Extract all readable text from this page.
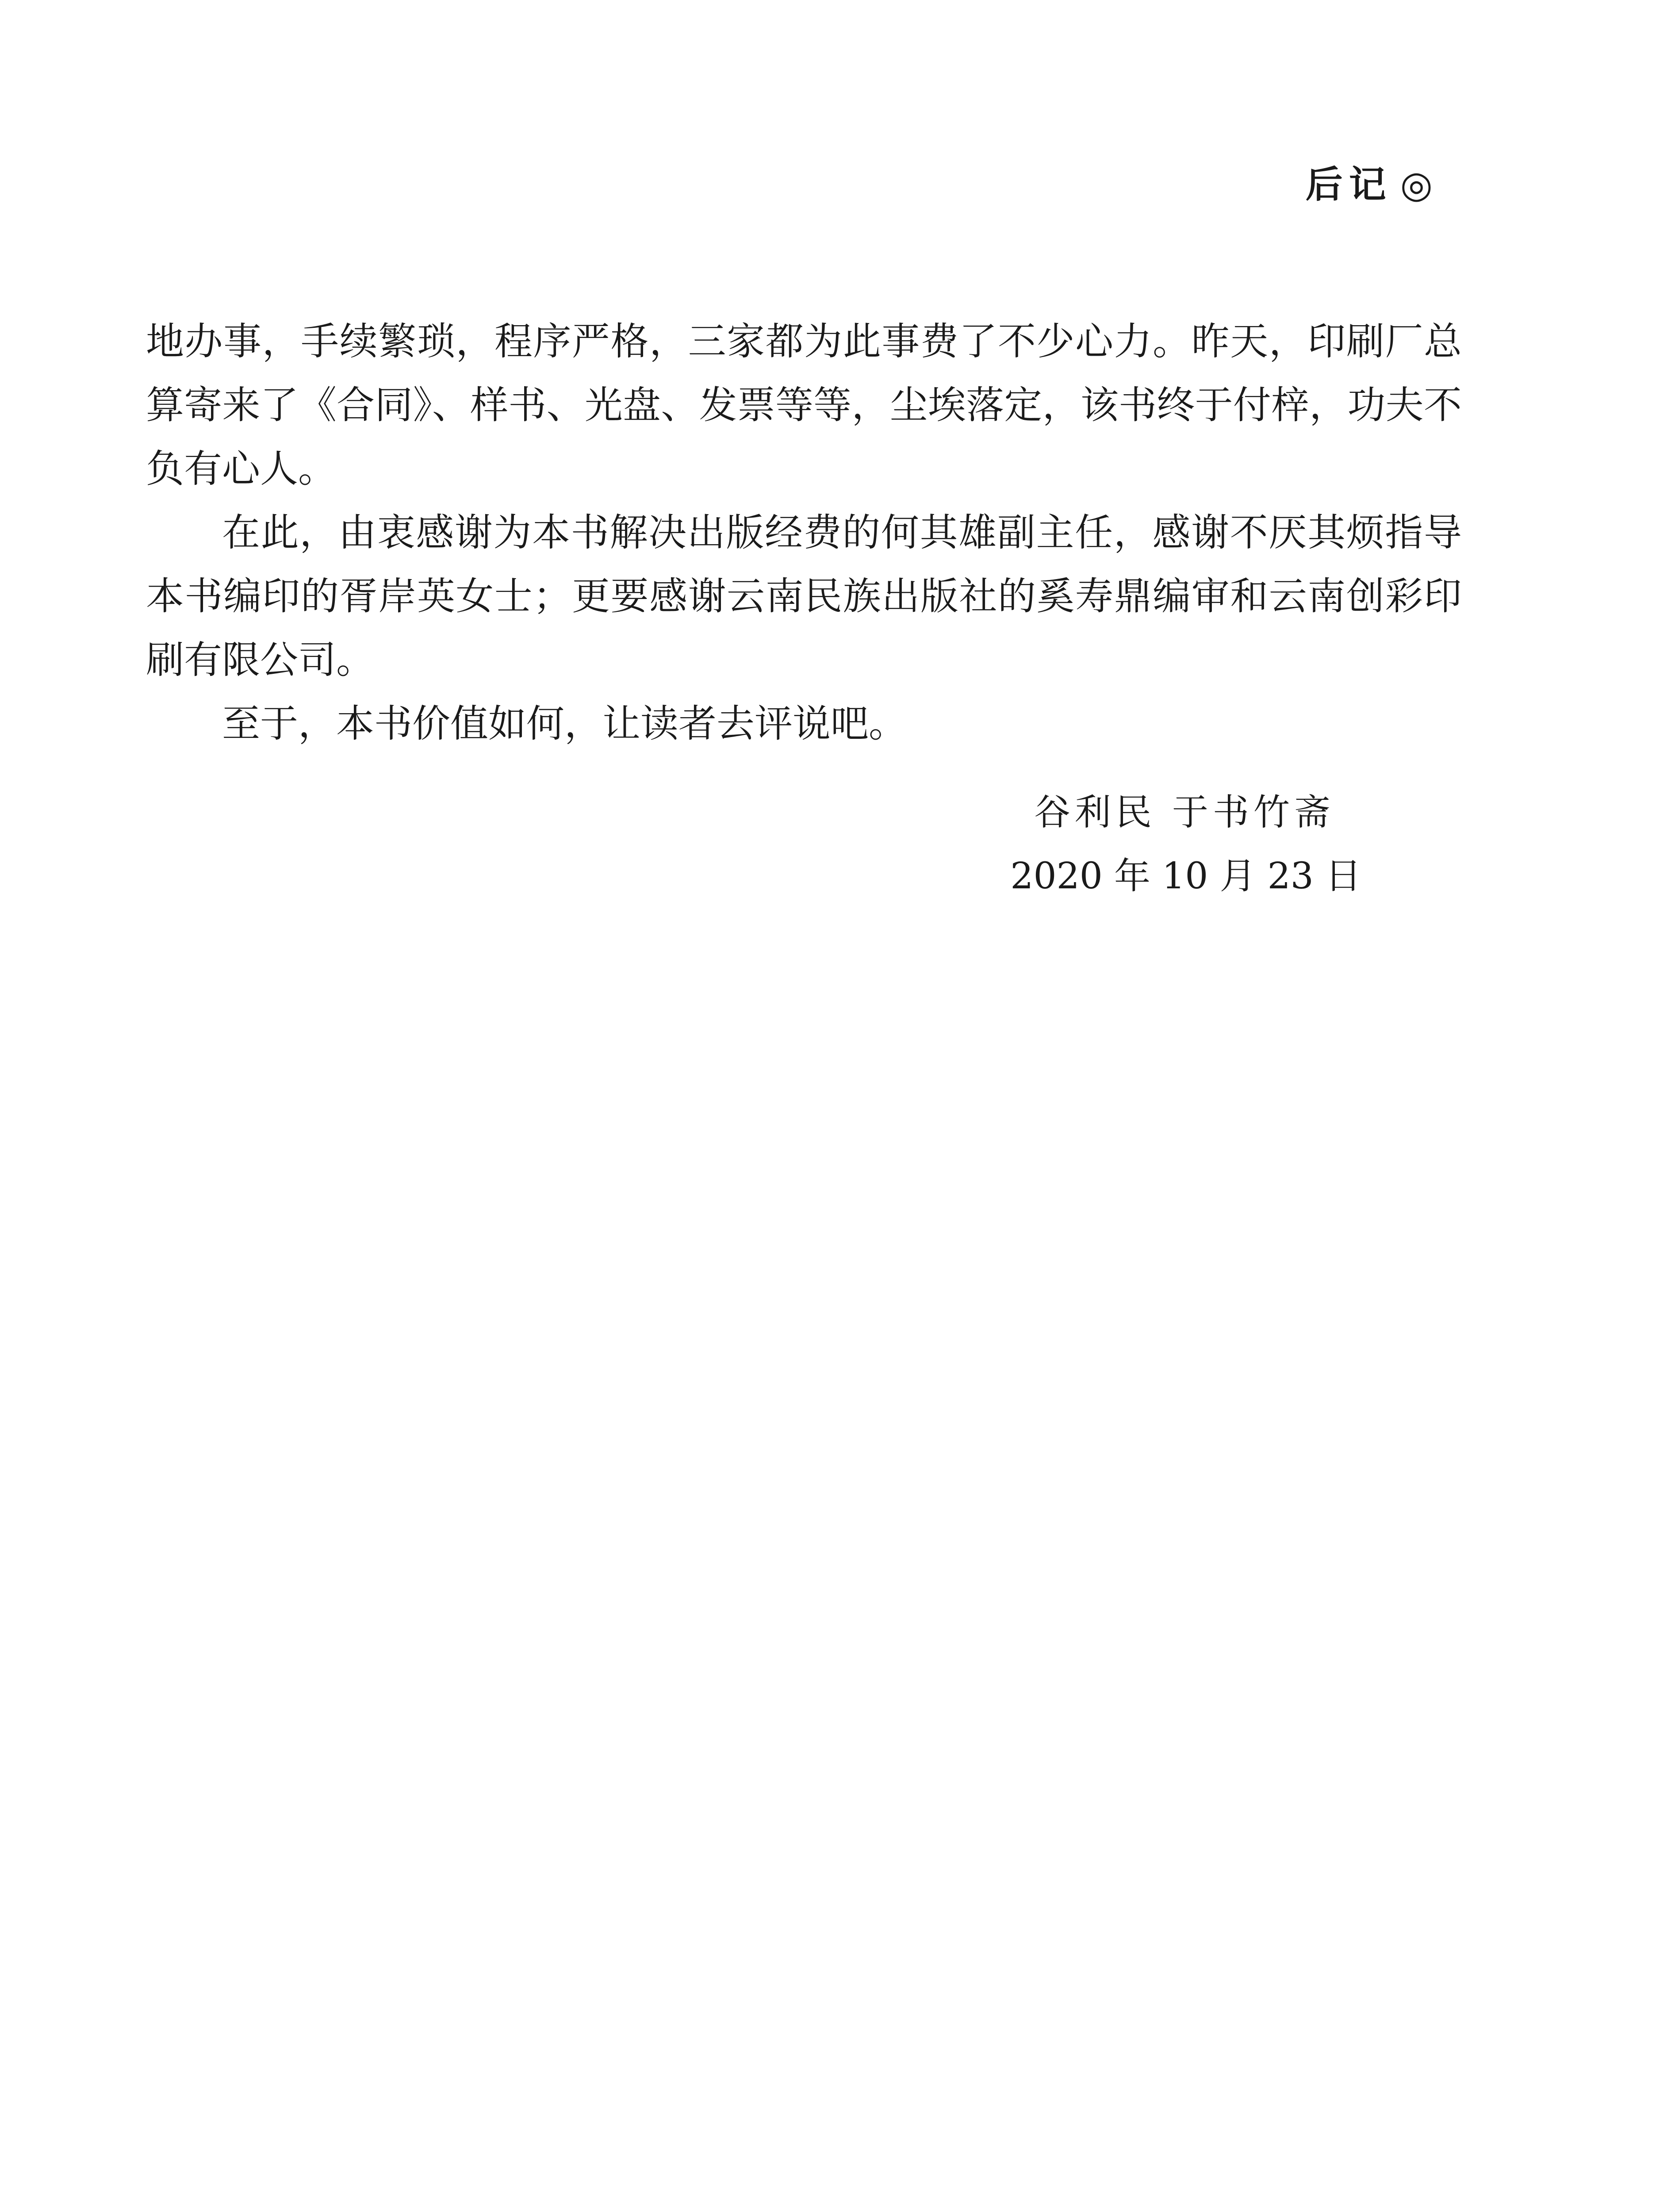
后记 ◎

地办事，手续繁琐，程序严格，三家都为此事费了不少心力。昨天，印刷厂总算寄来了《合同》、样书、光盘、发票等等，尘埃落定，该书终于付梓，功夫不负有心人。

在此，由衷感谢为本书解决出版经费的何其雄副主任，感谢不厌其烦指导本书编印的胥岸英女士；更要感谢云南民族出版社的奚寿鼎编审和云南创彩印刷有限公司。

至于，本书价值如何，让读者去评说吧。

谷利民 于书竹斋
2020 年 10 月 23 日
